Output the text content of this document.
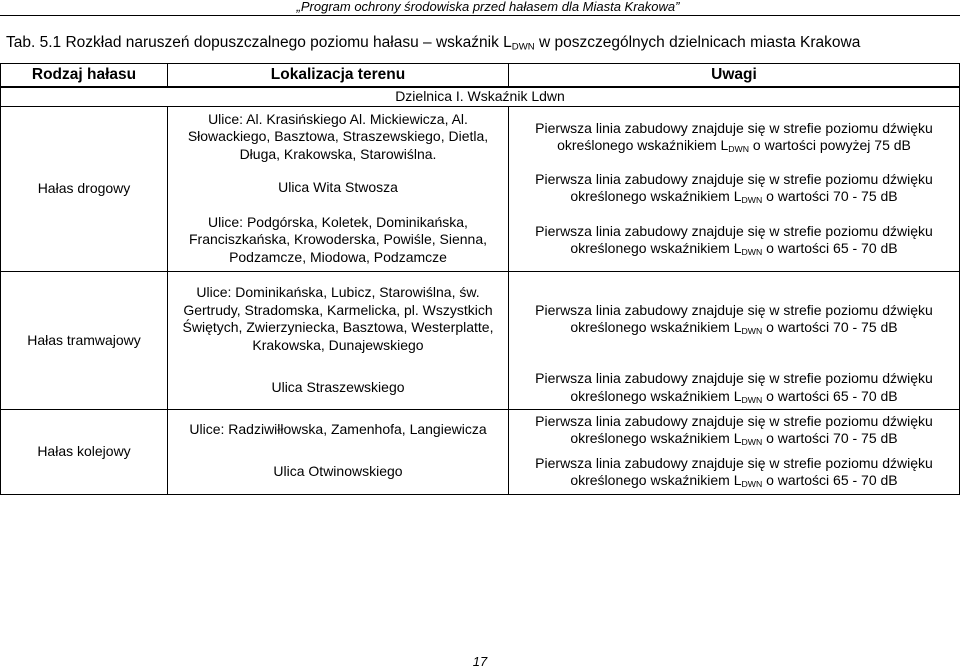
„Program ochrony środowiska przed hałasem dla Miasta Krakowa”
Tab. 5.1 Rozkład naruszeń dopuszczalnego poziomu hałasu – wskaźnik $L_{DWN}$ w poszczególnych dzielnicach miasta Krakowa
Rodzaj hałasu	Lokalizacja terenu	Uwagi
Dzielnica I. Wskaźnik Ldwn
Hałas drogowy
Hałas tramwajowy
Hałas kolejowy
Ulice: Al. Krasińskiego Al. Mickiewicza, Al. Słowackiego, Basztowa, Straszewskiego, Dietla, Długa, Krakowska, Starowiślna.
Ulica Wita Stwosza
Ulice: Podgórska, Koletek, Dominikańska, Franciszkańska, Krowoderska, Powiśle, Sienna, Podzamcze, Miodowa, Podzamcze
Ulice: Dominikańska, Lubicz, Starowiślna, św. Gertrudy, Stradomska, Karmelicka, pl. Wszystkich Świętych, Zwierzyniecka, Basztowa, Westerplatte, Krakowska, Dunajewskiego
Ulica Straszewskiego
Ulice: Radziwiłłowska, Zamenhofa, Langiewicza
Ulica Otwinowskiego
Pierwsza linia zabudowy znajduje się w strefie poziomu dźwięku
określonego wskaźnikiem $L_{DWN}$ o wartości powyżej 75 dB
Pierwsza linia zabudowy znajduje się w strefie poziomu dźwięku
określonego wskaźnikiem $L_{DWN}$ o wartości 70 - 75 dB
Pierwsza linia zabudowy znajduje się w strefie poziomu dźwięku
określonego wskaźnikiem $L_{DWN}$ o wartości 65 - 70 dB
Pierwsza linia zabudowy znajduje się w strefie poziomu dźwięku
określonego wskaźnikiem $L_{DWN}$ o wartości 70 - 75 dB
Pierwsza linia zabudowy znajduje się w strefie poziomu dźwięku
określonego wskaźnikiem $L_{DWN}$ o wartości 65 - 70 dB
Pierwsza linia zabudowy znajduje się w strefie poziomu dźwięku
określonego wskaźnikiem $L_{DWN}$ o wartości 70 - 75 dB
Pierwsza linia zabudowy znajduje się w strefie poziomu dźwięku
określonego wskaźnikiem $L_{DWN}$ o wartości 65 - 70 dB
17
